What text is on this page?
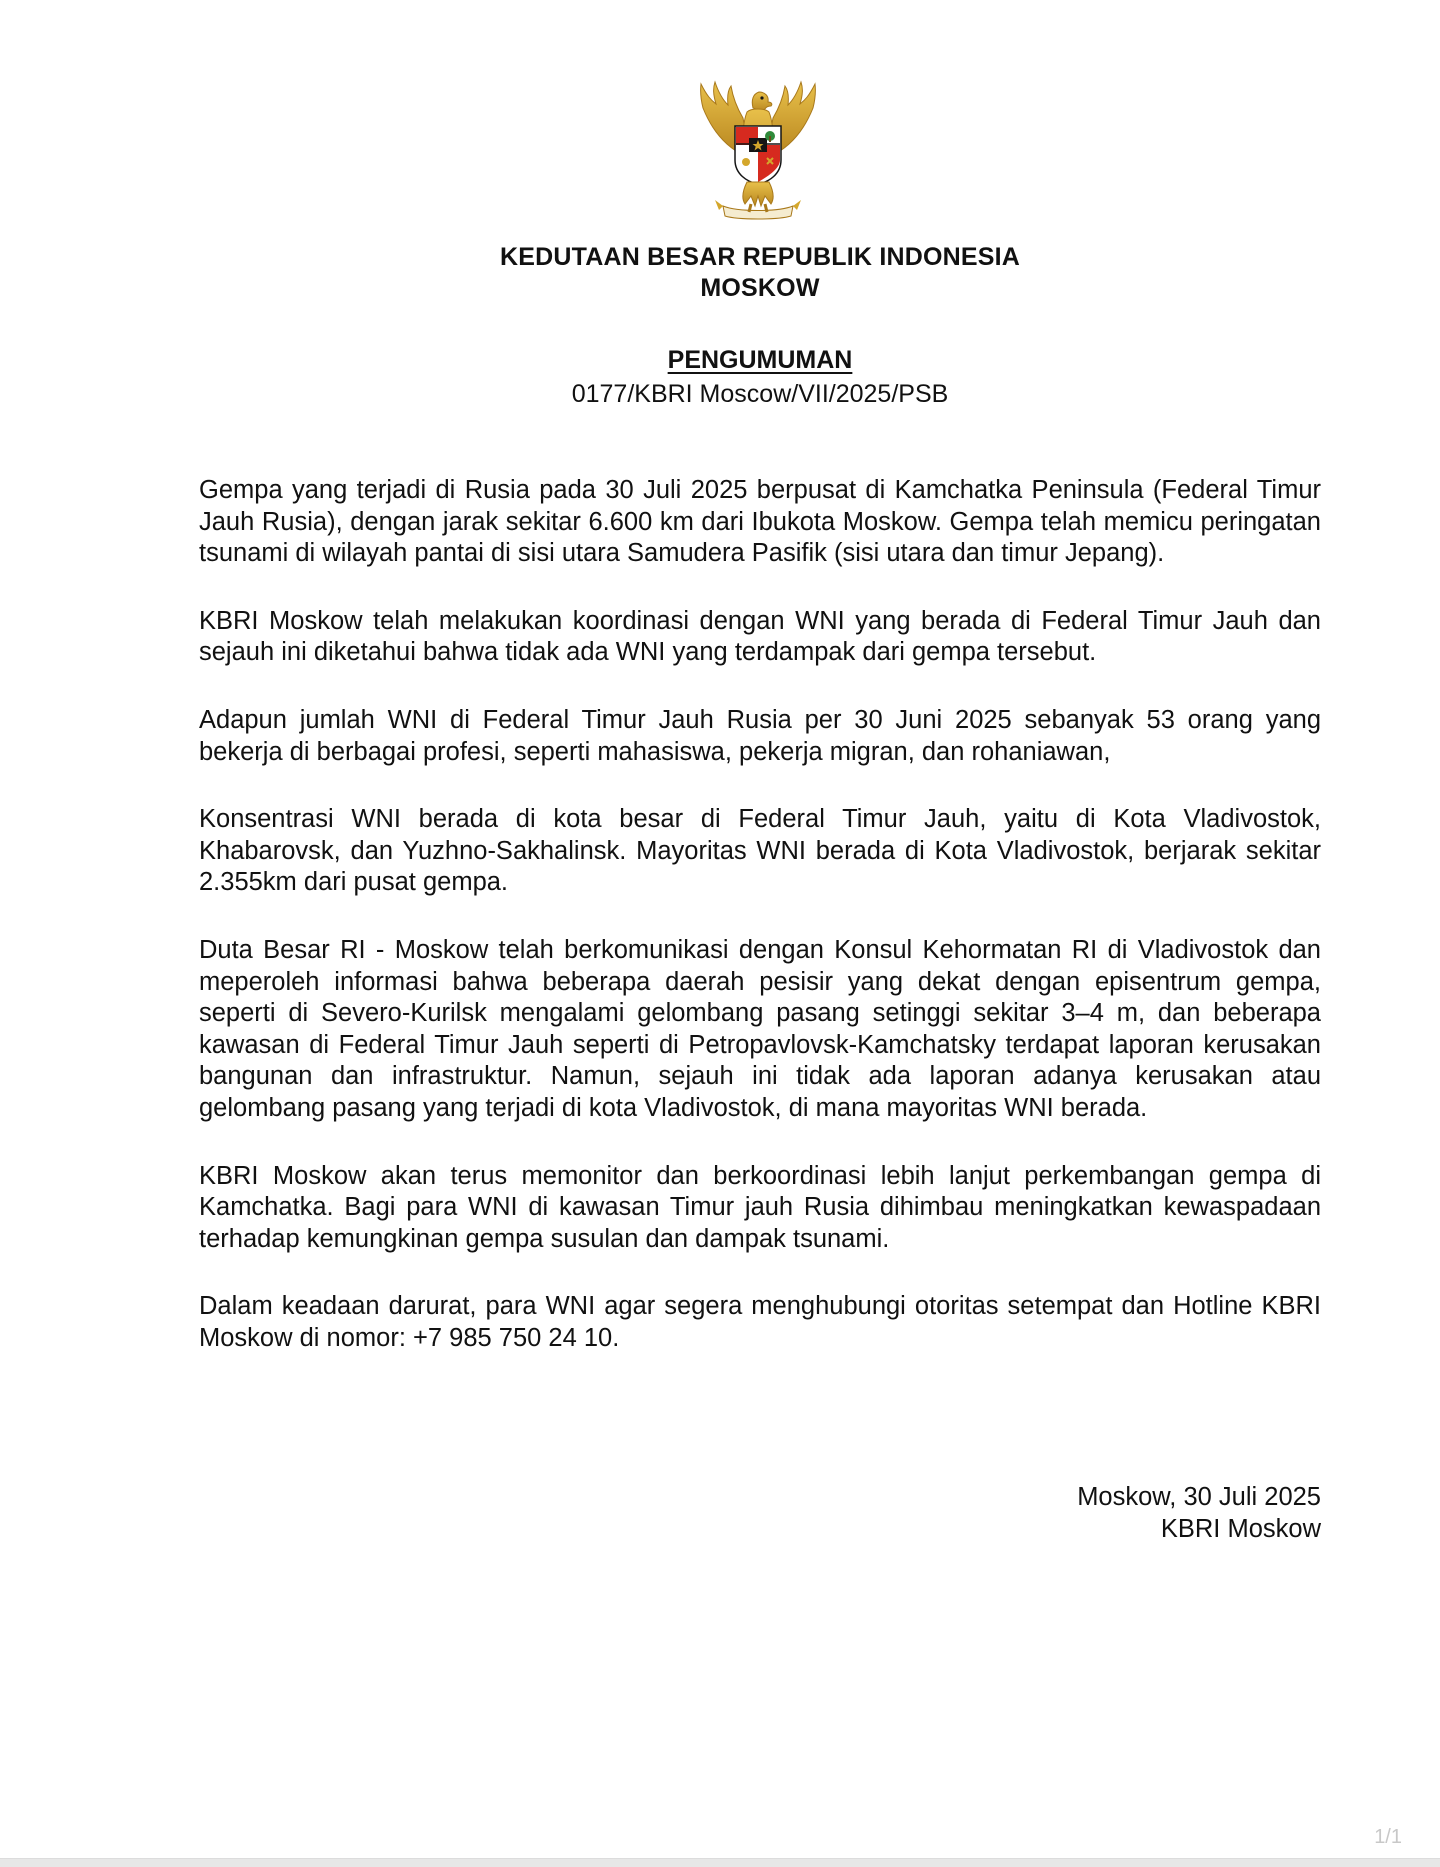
KEDUTAAN BESAR REPUBLIK INDONESIA
MOSKOW
PENGUMUMAN
0177/KBRI Moscow/VII/2025/PSB

Gempa yang terjadi di Rusia pada 30 Juli 2025 berpusat di Kamchatka Peninsula (Federal Timur Jauh Rusia), dengan jarak sekitar 6.600 km dari Ibukota Moskow. Gempa telah memicu peringatan tsunami di wilayah pantai di sisi utara Samudera Pasifik (sisi utara dan timur Jepang).

KBRI Moskow telah melakukan koordinasi dengan WNI yang berada di Federal Timur Jauh dan sejauh ini diketahui bahwa tidak ada WNI yang terdampak dari gempa tersebut.

Adapun jumlah WNI di Federal Timur Jauh Rusia per 30 Juni 2025 sebanyak 53 orang yang bekerja di berbagai profesi, seperti mahasiswa, pekerja migran, dan rohaniawan,

Konsentrasi WNI berada di kota besar di Federal Timur Jauh, yaitu di Kota Vladivostok, Khabarovsk, dan Yuzhno-Sakhalinsk. Mayoritas WNI berada di Kota Vladivostok, berjarak sekitar 2.355km dari pusat gempa.

Duta Besar RI - Moskow telah berkomunikasi dengan Konsul Kehormatan RI di Vladivostok dan meperoleh informasi bahwa beberapa daerah pesisir yang dekat dengan episentrum gempa, seperti di Severo-Kurilsk mengalami gelombang pasang setinggi sekitar 3–4 m, dan beberapa kawasan di Federal Timur Jauh seperti di Petropavlovsk-Kamchatsky terdapat laporan kerusakan bangunan dan infrastruktur. Namun, sejauh ini tidak ada laporan adanya kerusakan atau gelombang pasang yang terjadi di kota Vladivostok, di mana mayoritas WNI berada.

KBRI Moskow akan terus memonitor dan berkoordinasi lebih lanjut perkembangan gempa di Kamchatka. Bagi para WNI di kawasan Timur jauh Rusia dihimbau meningkatkan kewaspadaan terhadap kemungkinan gempa susulan dan dampak tsunami.

Dalam keadaan darurat, para WNI agar segera menghubungi otoritas setempat dan Hotline KBRI Moskow di nomor: +7 985 750 24 10.

Moskow, 30 Juli 2025
KBRI Moskow
1/1
